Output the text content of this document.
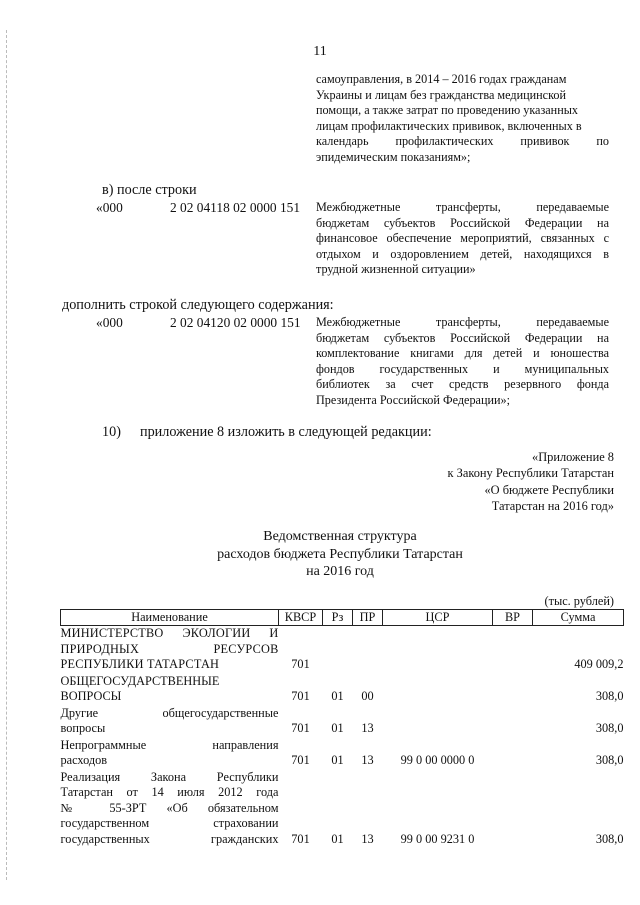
11
самоуправления, в 2014 – 2016 годах гражданам
Украины и лицам без гражданства медицинской
помощи, а также затрат по проведению указанных
лицам профилактических прививок, включенных в
календарь профилактических прививок по
эпидемическим показаниям»;
в) после строки
«000	2 02 04118 02 0000 151 Межбюджетные трансферты, передаваемые
бюджетам субъектов Российской Федерации на
финансовое обеспечение мероприятий, связанных с
отдыхом и оздоровлением детей, находящихся в
трудной жизненной ситуации»
дополнить строкой следующего содержания:
«000	2 02 04120 02 0000 151 Межбюджетные трансферты, передаваемые
бюджетам субъектов Российской Федерации на
комплектование книгами для детей и юношества
фондов государственных и муниципальных
библиотек за счет средств резервного фонда
Президента Российской Федерации»;
10) приложение 8 изложить в следующей редакции:
«Приложение 8
к Закону Республики Татарстан
«О бюджете Республики
Татарстан на 2016 год»
Ведомственная структура
расходов бюджета Республики Татарстан
на 2016 год
(тыс. рублей)
Наименование	КВСР	Рз	ПР	ЦСР	ВР	Сумма

МИНИСТЕРСТВО ЭКОЛОГИИ И
ПРИРОДНЫХ РЕСУРСОВ
РЕСПУБЛИКИ ТАТАРСТАН	701					409 009,2

ОБЩЕГОСУДАРСТВЕННЫЕ
ВОПРОСЫ	701	01	00			308,0

Другие общегосударственные
вопросы	701	01	13			308,0

Непрограммные направления
расходов	701	01	13	99 0 00 0000 0		308,0

Реализация Закона Республики
Татарстан от 14 июля 2012 года
№ 55-ЗРТ «Об обязательном
государственном страховании
государственных гражданских	701	01	13	99 0 00 9231 0		308,0
